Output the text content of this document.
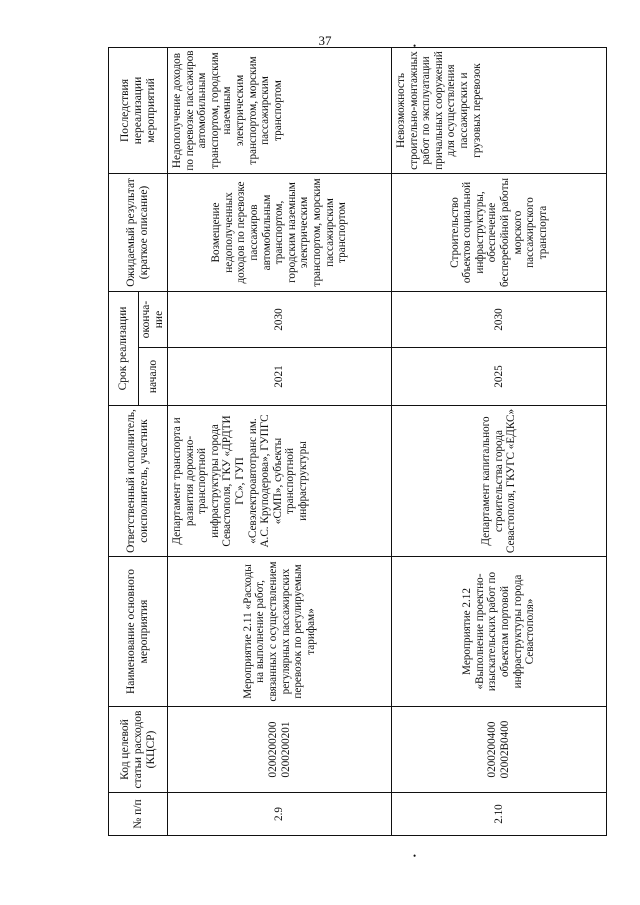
37
№ п/п	Код целевой статьи расходов (КЦСР)	Наименование основного мероприятия	Ответственный исполнитель, соисполнитель, участник	Срок реализации		Ожидаемый результат (краткое описание)	Последствия нереализации мероприятий
				начало	оконча-ние		
2.9	0200200200 0200200201	Мероприятие 2.11 «Расходы на выполнение работ, связанных с осуществлением регулярных пассажирских перевозок по регулируемым тарифам»	Департамент транспорта и развития дорожно-транспортной инфраструктуры города Севастополя, ГКУ «ДРДТИ ГС», ГУП «Севэлектроавтотранс им. А.С. Круподерова», ГУПГС «СМП», субъекты транспортной инфраструктуры	2021	2030	Возмещение недополученных доходов по перевозке пассажиров автомобильным транспортом, городским наземным электрическим транспортом, морским пассажирским транспортом	Недополучение доходов по перевозке пассажиров автомобильным транспортом, городским наземным электрическим транспортом, морским пассажирским транспортом
2.10	0200200400 02002В0400	Мероприятие 2.12 «Выполнение проектно-изыскательских работ по объектам портовой инфраструктуры города Севастополя»	Департамент капитального строительства города Севастополя, ГКУГС «ЕДКС»	2025	2030	Строительство объектов социальной инфраструктуры, обеспечение бесперебойной работы морского пассажирского транспорта	Невозможность строительно-монтажных работ по эксплуатации причальных сооружений для осуществления пассажирских и грузовых перевозок
•
•
